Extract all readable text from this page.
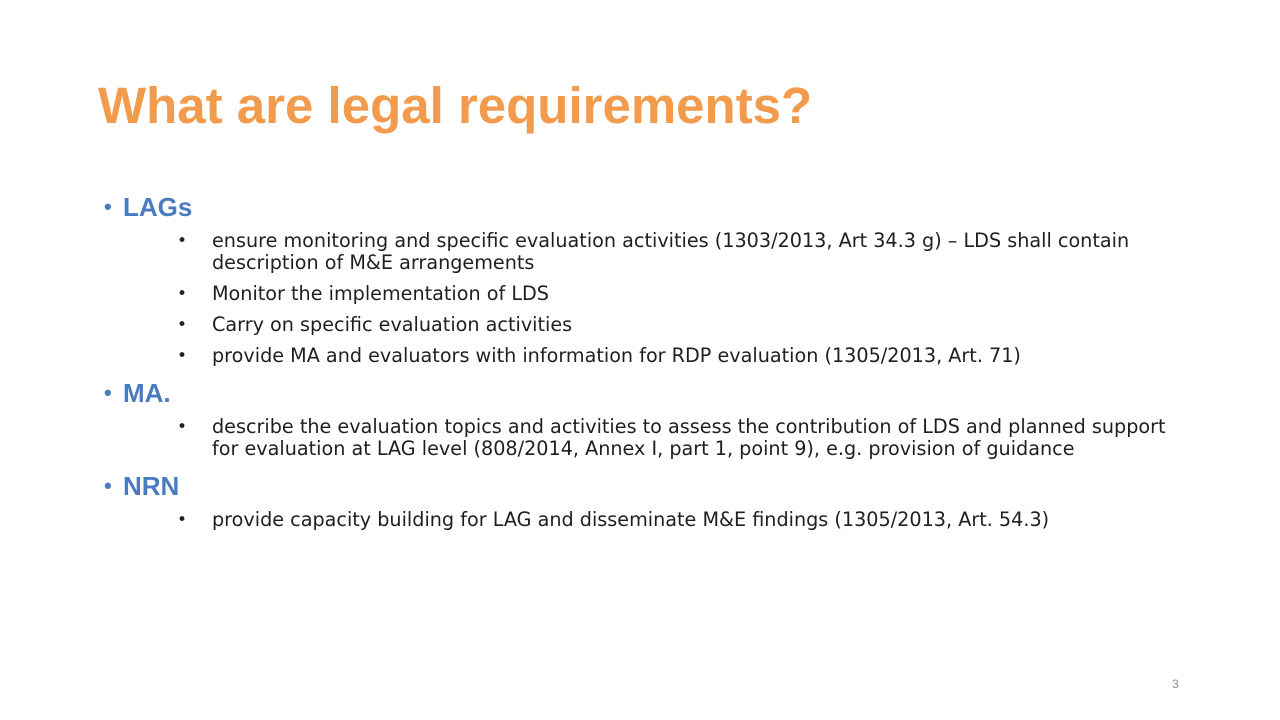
What are legal requirements?
• LAGs
• ensure monitoring and specific evaluation activities (1303/2013, Art 34.3 g) – LDS shall contain description of M&E arrangements
• Monitor the implementation of LDS
• Carry on specific evaluation activities
• provide MA and evaluators with information for RDP evaluation (1305/2013, Art. 71)
• MA.
• describe the evaluation topics and activities to assess the contribution of LDS and planned support for evaluation at LAG level (808/2014, Annex I, part 1, point 9), e.g. provision of guidance
• NRN
• provide capacity building for LAG and disseminate M&E findings (1305/2013, Art. 54.3)
3
